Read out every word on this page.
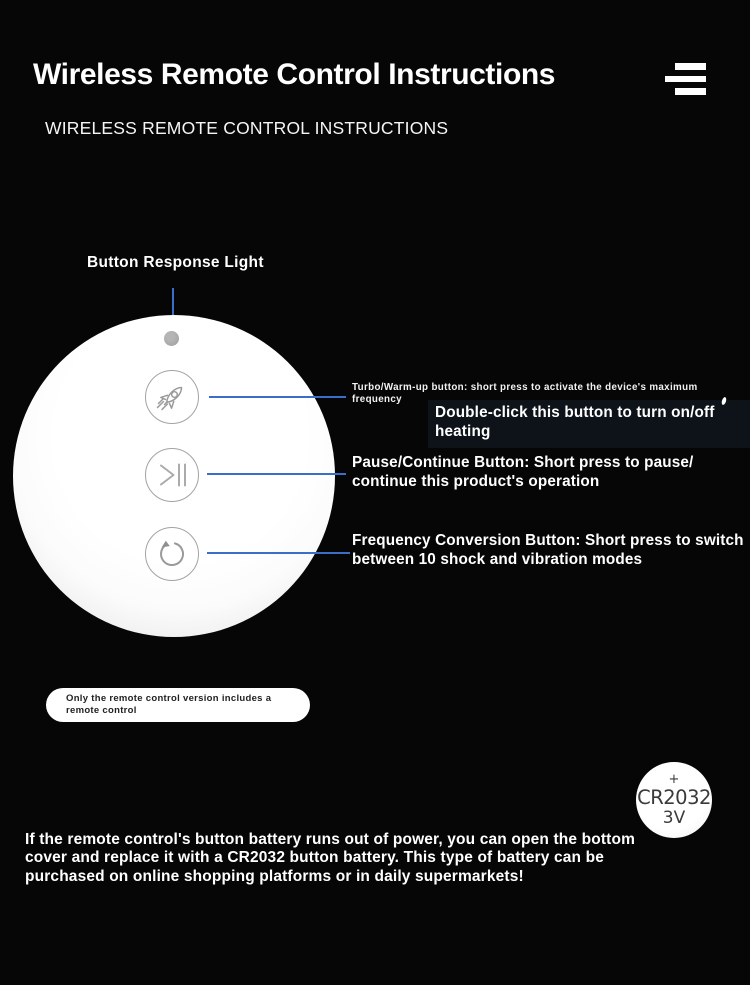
Wireless Remote Control Instructions
WIRELESS REMOTE CONTROL INSTRUCTIONS
Button Response Light
Turbo/Warm-up button: short press to activate the device's maximum
frequency
Double-click this button to turn on/off
heating
Pause/Continue Button: Short press to pause/
continue this product's operation
Frequency Conversion Button: Short press to switch
between 10 shock and vibration modes
Only the remote control version includes a
remote control
+
CR2032
3V
If the remote control's button battery runs out of power, you can open the bottom
cover and replace it with a CR2032 button battery. This type of battery can be
purchased on online shopping platforms or in daily supermarkets!
